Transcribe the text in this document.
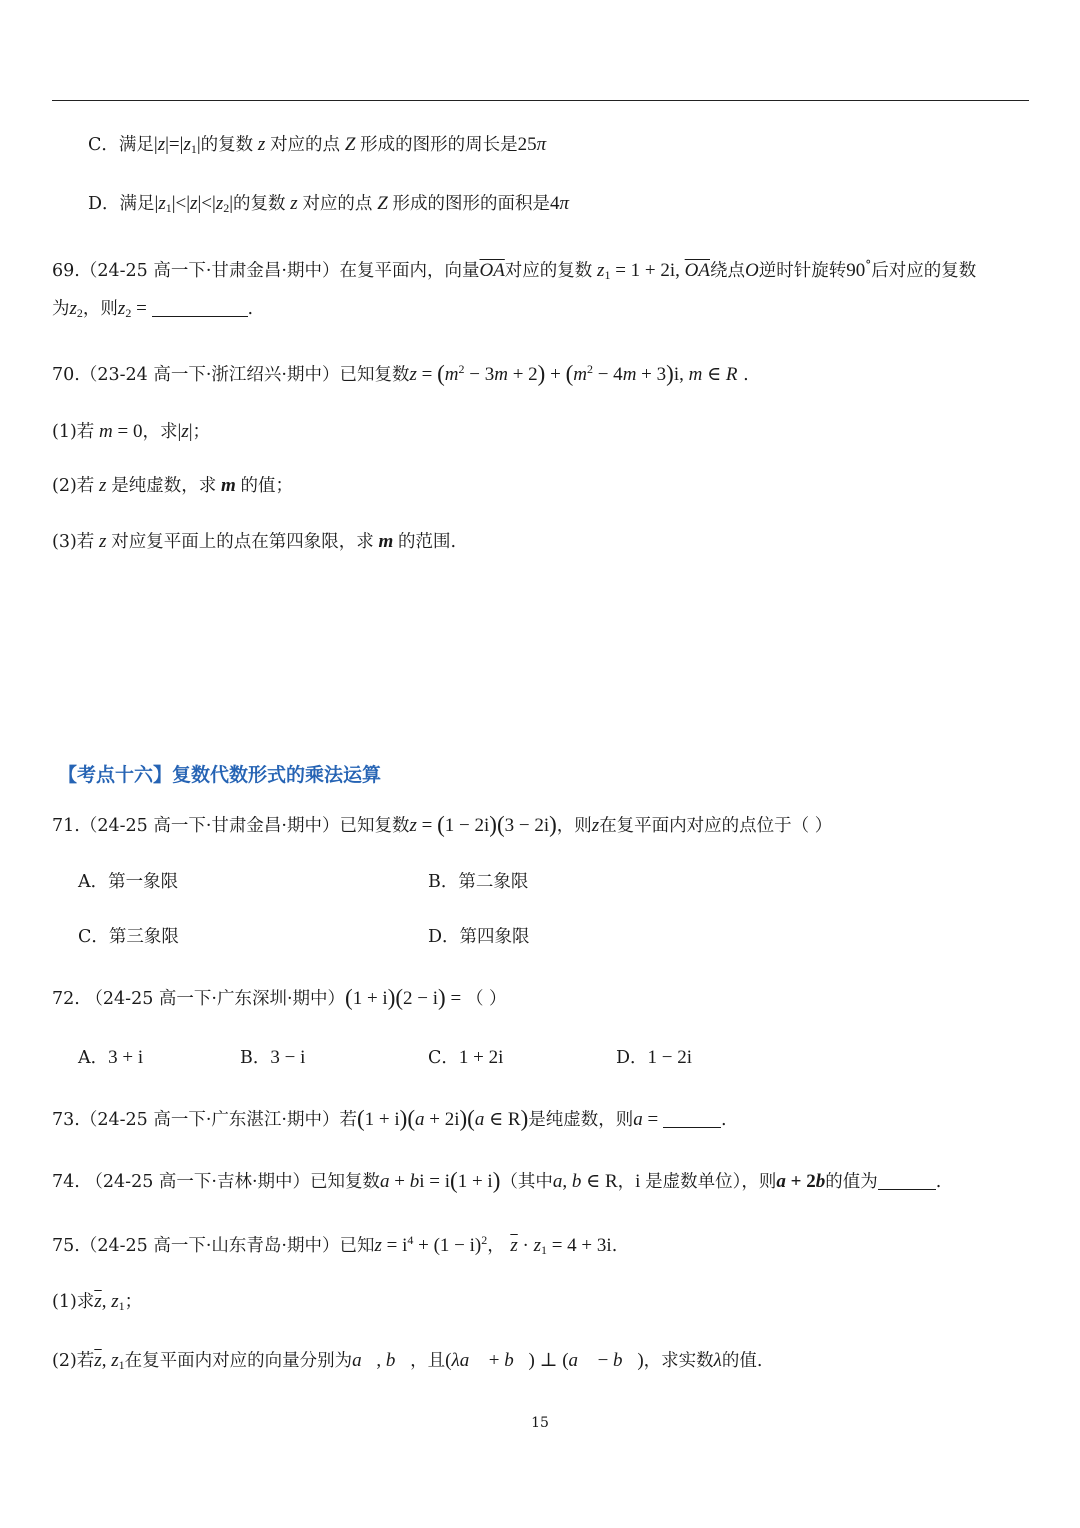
C．满足$|z|=|z_1|$的复数 z 对应的点 Z 形成的图形的周长是25π
D．满足$|z_1|<|z|<|z_2|$的复数 z 对应的点 Z 形成的图形的面积是4π
69.（24-25 高一下·甘肃金昌·期中）在复平面内，向量$\overline{OA}$对应的复数 $z_1 = 1 + 2i$, $\overline{OA}$绕点O逆时针旋转90°后对应的复数
为$z_2$，则$z_2$ =	.
70.（23-24 高一下·浙江绍兴·期中）已知复数$z = (m^2 - 3m + 2) + (m^2 - 4m + 3)i$, m ∈ R .
(1)若 m = 0，求|z|；
(2)若 z 是纯虚数，求 m 的值；
(3)若 z 对应复平面上的点在第四象限，求 m 的范围.
【考点十六】复数代数形式的乘法运算
71.（24-25 高一下·甘肃金昌·期中）已知复数z = (1 − 2i)(3 − 2i)，则z在复平面内对应的点位于（ ）
A．第一象限	B．第二象限
C．第三象限	D．第四象限
72. （24-25 高一下·广东深圳·期中）(1 + i)(2 − i) = （ ）
A．3 + i	B．3 − i	C．1 + 2i	D．1 − 2i
73.（24-25 高一下·广东湛江·期中）若(1 + i)(a + 2i)(a ∈ R)是纯虚数，则a =	.
74. （24-25 高一下·吉林·期中）已知复数a + bi = i(1 + i)（其中a, b ∈ R，i 是虚数单位），则a + 2b的值为	.
75.（24-25 高一下·山东青岛·期中）已知$z = i^4 + (1 - i)^2$， $\overline{z} \cdot z_1 = 4 + 3i$.
(1)求$\overline{z}$, $z_1$；
(2)若$\overline{z}$, $z_1$在复平面内对应的向量分别为a⃗, b⃗，且(λa⃗ + b⃗) ⊥ (a⃗ − b⃗)，求实数λ的值.
15
